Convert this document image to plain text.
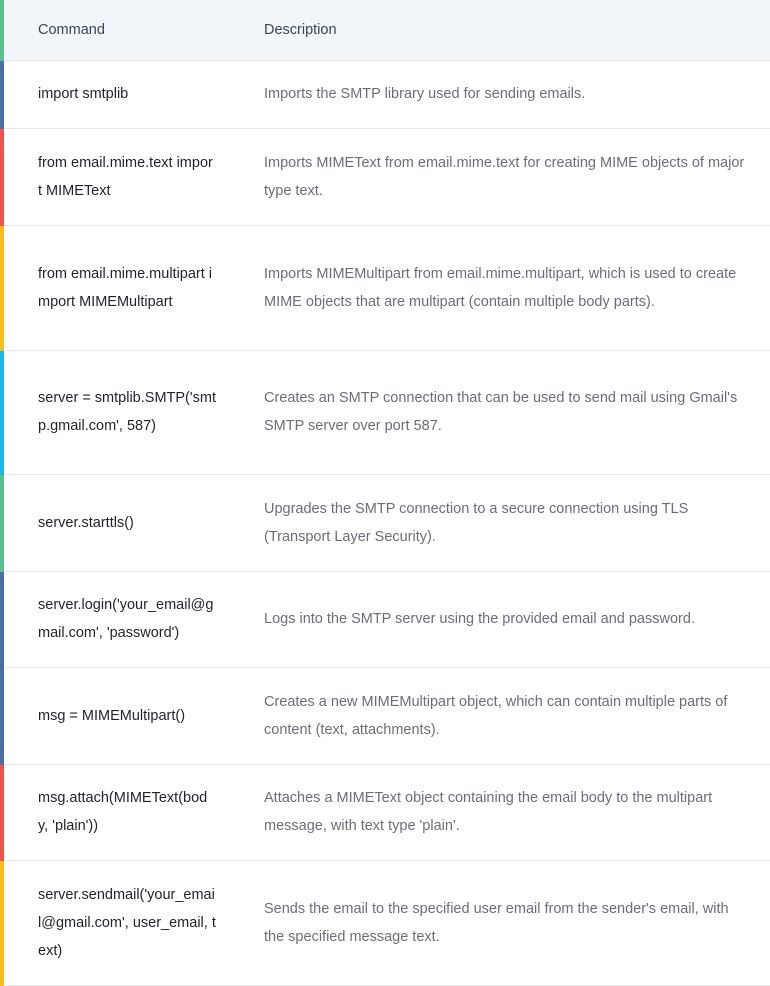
Command	Description
import smtplib	Imports the SMTP library used for sending emails.
from email.mime.text import MIMEText	Imports MIMEText from email.mime.text for creating MIME objects of major type text.
from email.mime.multipart import MIMEMultipart	Imports MIMEMultipart from email.mime.multipart, which is used to create MIME objects that are multipart (contain multiple body parts).
server = smtplib.SMTP('smtp.gmail.com', 587)	Creates an SMTP connection that can be used to send mail using Gmail's SMTP server over port 587.
server.starttls()	Upgrades the SMTP connection to a secure connection using TLS (Transport Layer Security).
server.login('your_email@gmail.com', 'password')	Logs into the SMTP server using the provided email and password.
msg = MIMEMultipart()	Creates a new MIMEMultipart object, which can contain multiple parts of content (text, attachments).
msg.attach(MIMEText(body, 'plain'))	Attaches a MIMEText object containing the email body to the multipart message, with text type 'plain'.
server.sendmail('your_email@gmail.com', user_email, text)	Sends the email to the specified user email from the sender's email, with the specified message text.
